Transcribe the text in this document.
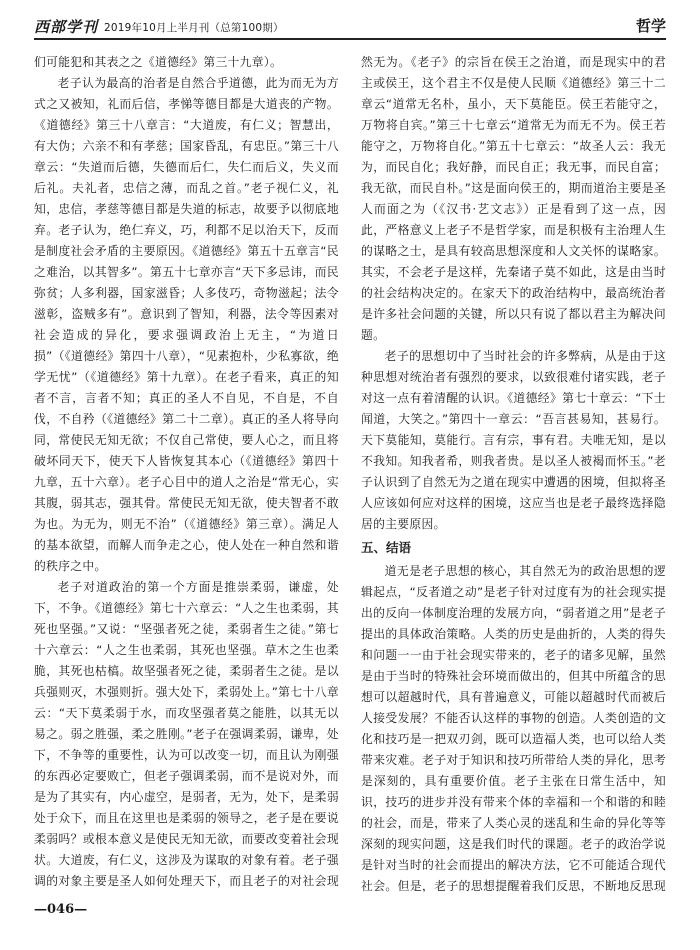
西部学刊 2019年10月上半月刊（总第100期）	哲学

们可能犯和其表之之《道德经》第三十九章）。

老子认为最高的治者是自然合乎道德，此为而无为方式之又被知，礼而后信，孝悌等德目都是大道丧的产物。《道德经》第三十八章言：“大道废，有仁义；智慧出，有大伪；六亲不和有孝慈；国家昏乱，有忠臣。”第三十八章云：“失道而后德，失德而后仁，失仁而后义，失义而后礼。夫礼者，忠信之薄，而乱之首。”老子视仁义，礼知，忠信，孝慈等德目都是失道的标志，故要予以彻底地弃。老子认为，绝仁弃义，巧，利都不足以治天下，反而是制度社会矛盾的主要原因。《道德经》第五十五章言“民之难治，以其智多”。第五十七章亦言“天下多忌讳，而民弥贫；人多利器，国家滋昏；人多伎巧，奇物滋起；法令滋彰，盗贼多有”。意识到了智知，利器，法令等因素对社会造成的异化，要求强调政治上无主，“为道日损”（《道德经》第四十八章），“见素抱朴，少私寡欲，绝学无忧”（《道德经》第十九章）。在老子看来，真正的知者不言，言者不知；真正的圣人不自见，不自是，不自伐，不自矜（《道德经》第二十二章）。真正的圣人将导向同，常使民无知无欲；不仅自己常使，要人心之，而且将破坏同天下，使天下人皆恢复其本心（《道德经》第四十九章，五十六章）。老子心目中的道人之治是“常无心，实其腹，弱其志，强其骨。常使民无知无欲，使夫智者不敢为也。为无为，则无不治”（《道德经》第三章）。满足人的基本欲望，而解人而争走之心，使人处在一种自然和谐的秩序之中。

老子对道政治的第一个方面是推崇柔弱，谦虚，处下，不争。《道德经》第七十六章云：“人之生也柔弱，其死也坚强。”又说：“坚强者死之徒，柔弱者生之徒。”第七十六章云：“人之生也柔弱，其死也坚强。草木之生也柔脆，其死也枯槁。故坚强者死之徒，柔弱者生之徒。是以兵强则灭，木强则折。强大处下，柔弱处上。”第七十八章云：“天下莫柔弱于水，而攻坚强者莫之能胜，以其无以易之。弱之胜强，柔之胜刚。”老子在强调柔弱，谦卑，处下，不争等的重要性，认为可以改变一切，而且认为刚强的东西必定要败亡，但老子强调柔弱，而不是说对外，而是为了其实有，内心虚空，是弱者，无为，处下，是柔弱处于众下，而且在这里也是柔弱的领导之，老子是在要说柔弱吗？或根本意义是使民无知无欲，而要改变着社会现状。大道废，有仁义，这涉及为谋取的对象有着。老子强调的对象主要是圣人如何处理天下，而且老子的对社会现

然无为。《老子》的宗旨在侯王之治道，而是现实中的君主或侯王，这个君主不仅是使人民顺《道德经》第三十二章云“道常无名朴，虽小，天下莫能臣。侯王若能守之，万物将自宾。”第三十七章云“道常无为而无不为。侯王若能守之，万物将自化。”第五十七章云：“故圣人云：我无为，而民自化；我好静，而民自正；我无事，而民自富；我无欲，而民自朴。”这是面向侯王的，期而道治主要是圣人而面之为（《汉书·艺文志》）正是看到了这一点，因此，严格意义上老子不是哲学家，而是积极有主治理人生的谋略之士，是具有较高思想深度和人文关怀的谋略家。其实，不会老子是这样，先秦诸子莫不如此，这是由当时的社会结构决定的。在家天下的政治结构中，最高统治者是许多社会问题的关键，所以只有说了都以君主为解决问题。

老子的思想切中了当时社会的许多弊病，从是由于这种思想对统治者有强烈的要求，以致很难付诸实践，老子对这一点有着清醒的认识。《道德经》第七十章云：“下士闻道，大笑之。”第四十一章云：“吾言甚易知，甚易行。天下莫能知，莫能行。言有宗，事有君。夫唯无知，是以不我知。知我者希，则我者贵。是以圣人被褐而怀玉。”老子认识到了自然无为之道在现实中遭遇的困境，但拟将圣人应该如何应对这样的困境，这应当也是老子最终选择隐居的主要原因。

五、结语

道无是老子思想的核心，其自然无为的政治思想的逻辑起点，“反者道之动”是老子针对过度有为的社会现实提出的反向一体制度治理的发展方向，“弱者道之用”是老子提出的具体政治策略。人类的历史是曲折的，人类的得失和问题一一由于社会现实带来的，老子的诸多见解，虽然是由于当时的特殊社会环境而做出的，但其中所蕴含的思想可以超越时代，具有普遍意义，可能以超越时代而被后人接受发展？不能否认这样的事物的创造。人类创造的文化和技巧是一把双刃剑，既可以造福人类，也可以给人类带来灾难。老子对于知识和技巧所带给人类的异化，思考是深刻的，具有重要价值。老子主张在日常生活中，知识，技巧的进步并没有带来个体的幸福和一个和谐的和睦的社会，而是，带来了人类心灵的迷乱和生命的异化等等深刻的现实问题，这是我们时代的课题。老子的政治学说是针对当时的社会而提出的解决方法，它不可能适合现代社会。但是，老子的思想提醒着我们反思，不断地反思现

—046—
